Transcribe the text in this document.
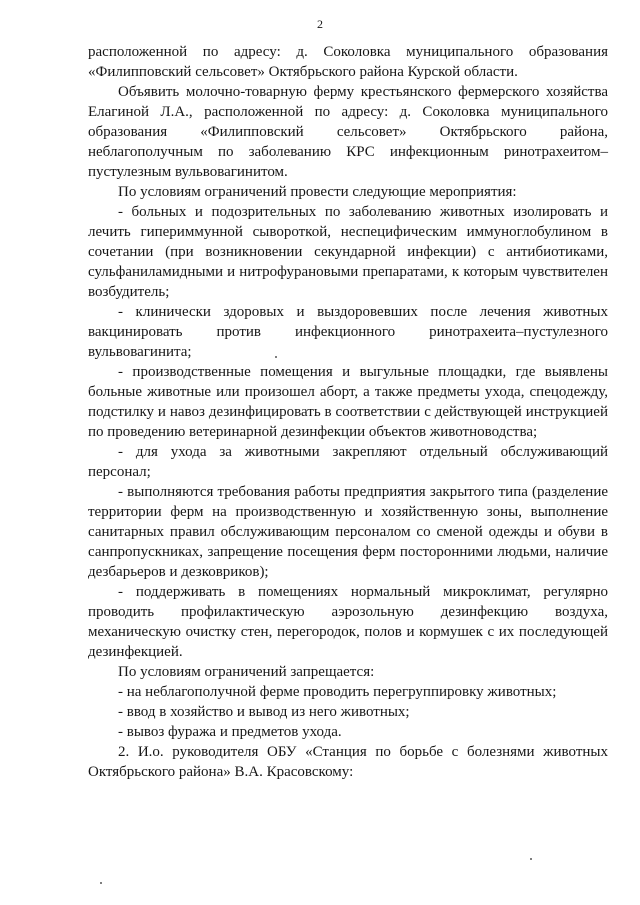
2

расположенной по адресу: д. Соколовка муниципального образования «Филипповский сельсовет» Октябрьского района Курской области.

Объявить молочно-товарную ферму крестьянского фермерского хозяйства Елагиной Л.А., расположенной по адресу: д. Соколовка муниципального образования «Филипповский сельсовет» Октябрьского района, неблагополучным по заболеванию КРС инфекционным ринотрахеитом–пустулезным вульвовагинитом.

По условиям ограничений провести следующие мероприятия:

- больных и подозрительных по заболеванию животных изолировать и лечить гипериммунной сывороткой, неспецифическим иммуноглобулином в сочетании (при возникновении секундарной инфекции) с антибиотиками, сульфаниламидными и нитрофурановыми препаратами, к которым чувствителен возбудитель;

- клинически здоровых и выздоровевших после лечения животных вакцинировать против инфекционного ринотрахеита–пустулезного вульвовагинита;

- производственные помещения и выгульные площадки, где выявлены больные животные или произошел аборт, а также предметы ухода, спецодежду, подстилку и навоз дезинфицировать в соответствии с действующей инструкцией по проведению ветеринарной дезинфекции объектов животноводства;

- для ухода за животными закрепляют отдельный обслуживающий персонал;

- выполняются требования работы предприятия закрытого типа (разделение территории ферм на производственную и хозяйственную зоны, выполнение санитарных правил обслуживающим персоналом со сменой одежды и обуви в санпропускниках, запрещение посещения ферм посторонними людьми, наличие дезбарьеров и дезковриков);

- поддерживать в помещениях нормальный микроклимат, регулярно проводить профилактическую аэрозольную дезинфекцию воздуха, механическую очистку стен, перегородок, полов и кормушек с их последующей дезинфекцией.

По условиям ограничений запрещается:

- на неблагополучной ферме проводить перегруппировку животных;

- ввод в хозяйство и вывод из него животных;

- вывоз фуража и предметов ухода.

2. И.о. руководителя ОБУ «Станция по борьбе с болезнями животных Октябрьского района» В.А. Красовскому:
